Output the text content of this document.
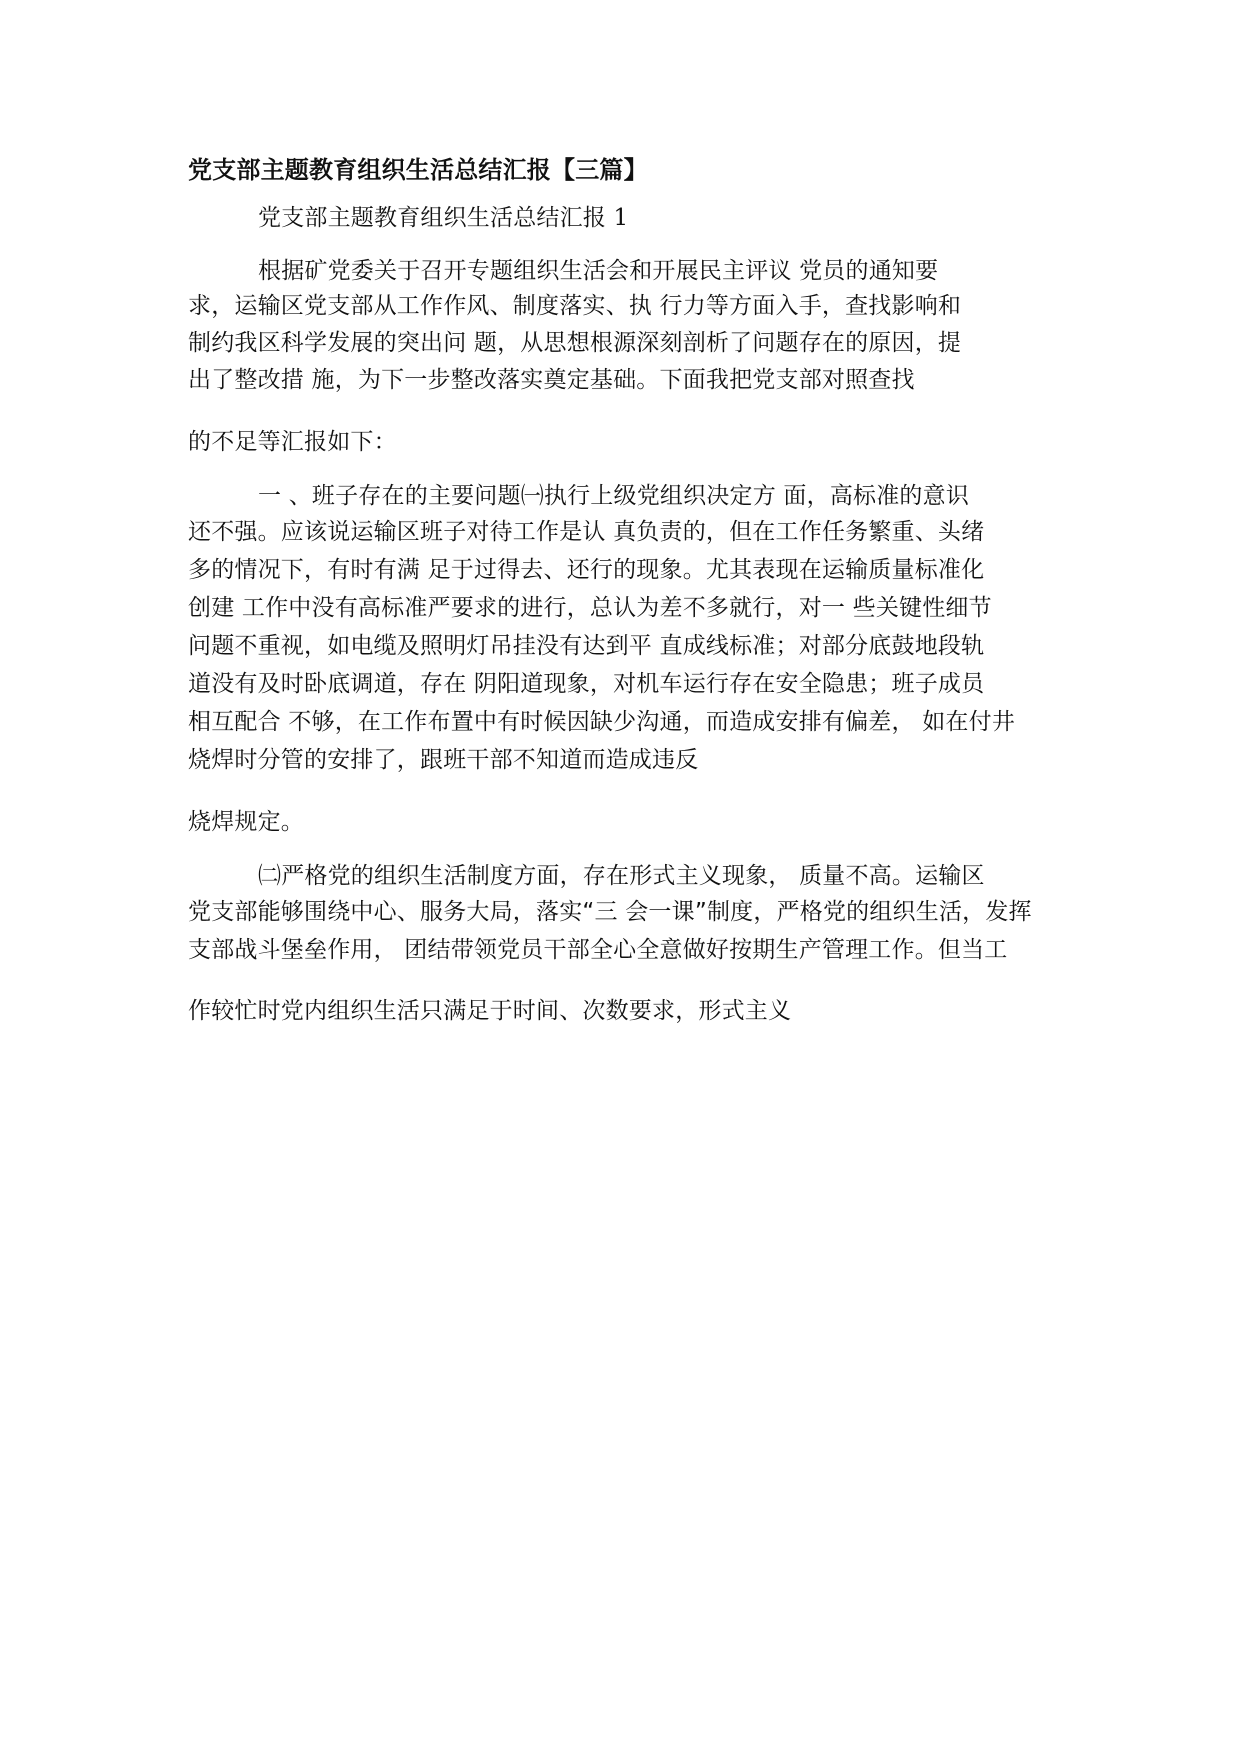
党支部主题教育组织生活总结汇报【三篇】
党支部主题教育组织生活总结汇报 1
根据矿党委关于召开专题组织生活会和开展民主评议 党员的通知要
求，运输区党支部从工作作风、制度落实、执 行力等方面入手，查找影响和
制约我区科学发展的突出问 题，从思想根源深刻剖析了问题存在的原因，提
出了整改措 施，为下一步整改落实奠定基础。下面我把党支部对照查找
的不足等汇报如下：
一 、班子存在的主要问题㈠执行上级党组织决定方 面，高标准的意识
还不强。应该说运输区班子对待工作是认 真负责的，但在工作任务繁重、头绪
多的情况下，有时有满 足于过得去、还行的现象。尤其表现在运输质量标准化
创建 工作中没有高标准严要求的进行，总认为差不多就行，对一 些关键性细节
问题不重视，如电缆及照明灯吊挂没有达到平 直成线标准；对部分底鼓地段轨
道没有及时卧底调道，存在 阴阳道现象，对机车运行存在安全隐患；班子成员
相互配合 不够，在工作布置中有时候因缺少沟通，而造成安排有偏差， 如在付井
烧焊时分管的安排了，跟班干部不知道而造成违反
烧焊规定。
㈡严格党的组织生活制度方面，存在形式主义现象， 质量不高。运输区
党支部能够围绕中心、服务大局，落实“三 会一课”制度，严格党的组织生活，发挥
支部战斗堡垒作用， 团结带领党员干部全心全意做好按期生产管理工作。但当工
作较忙时党内组织生活只满足于时间、次数要求，形式主义
